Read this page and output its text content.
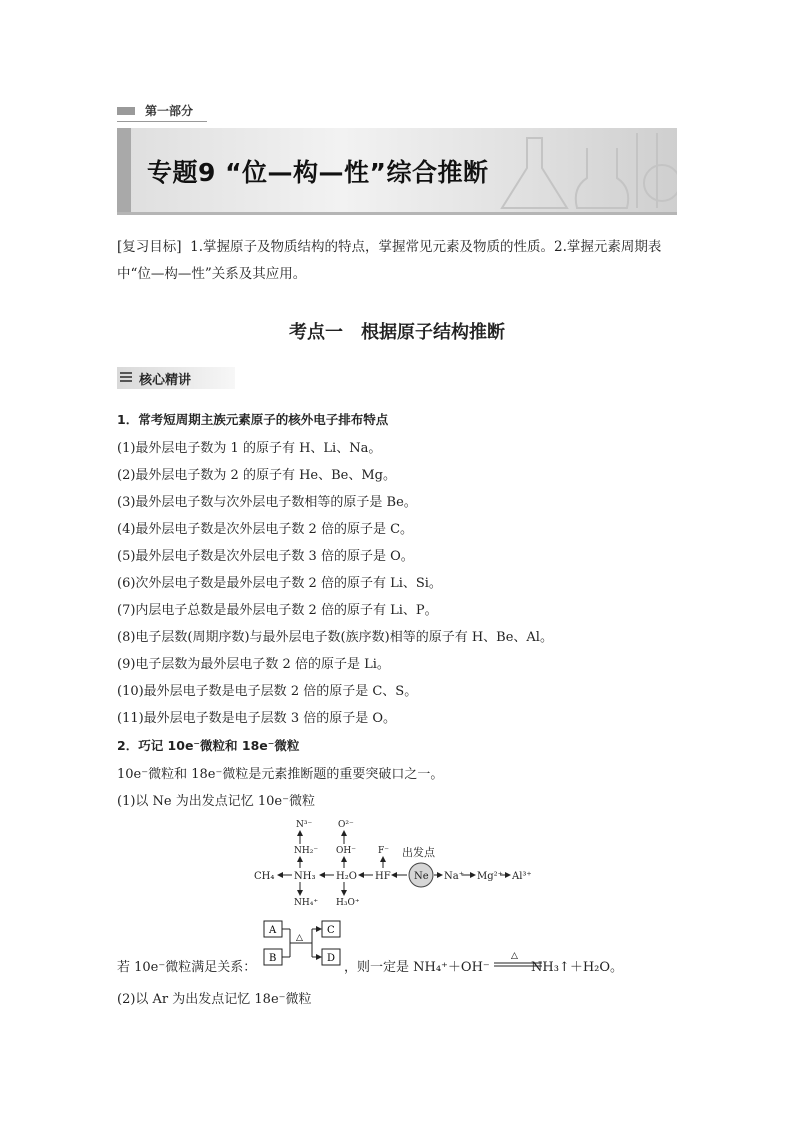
第一部分
专题9 “位—构—性”综合推断
[复习目标] 1.掌握原子及物质结构的特点，掌握常见元素及物质的性质。2.掌握元素周期表
中“位—构—性”关系及其应用。
考点一　根据原子结构推断
核心精讲
1．常考短周期主族元素原子的核外电子排布特点
(1)最外层电子数为 1 的原子有 H、Li、Na。
(2)最外层电子数为 2 的原子有 He、Be、Mg。
(3)最外层电子数与次外层电子数相等的原子是 Be。
(4)最外层电子数是次外层电子数 2 倍的原子是 C。
(5)最外层电子数是次外层电子数 3 倍的原子是 O。
(6)次外层电子数是最外层电子数 2 倍的原子有 Li、Si。
(7)内层电子总数是最外层电子数 2 倍的原子有 Li、P。
(8)电子层数(周期序数)与最外层电子数(族序数)相等的原子有 H、Be、Al。
(9)电子层数为最外层电子数 2 倍的原子是 Li。
(10)最外层电子数是电子层数 2 倍的原子是 C、S。
(11)最外层电子数是电子层数 3 倍的原子是 O。
2．巧记 10e⁻微粒和 18e⁻微粒
10e⁻微粒和 18e⁻微粒是元素推断题的重要突破口之一。
(1)以 Ne 为出发点记忆 10e⁻微粒
CH₄ NH₃ H₂O HF	Na⁺ Mg²⁺ Al³⁺
Ne
出发点
N³⁻
NH₂⁻
NH₄⁺
O²⁻
OH⁻
H₃O⁺
F⁻
A
B
C
D
△
若 10e⁻微粒满足关系：	，则一定是 NH₄⁺＋OH⁻
△
NH₃↑＋H₂O。
(2)以 Ar 为出发点记忆 18e⁻微粒
